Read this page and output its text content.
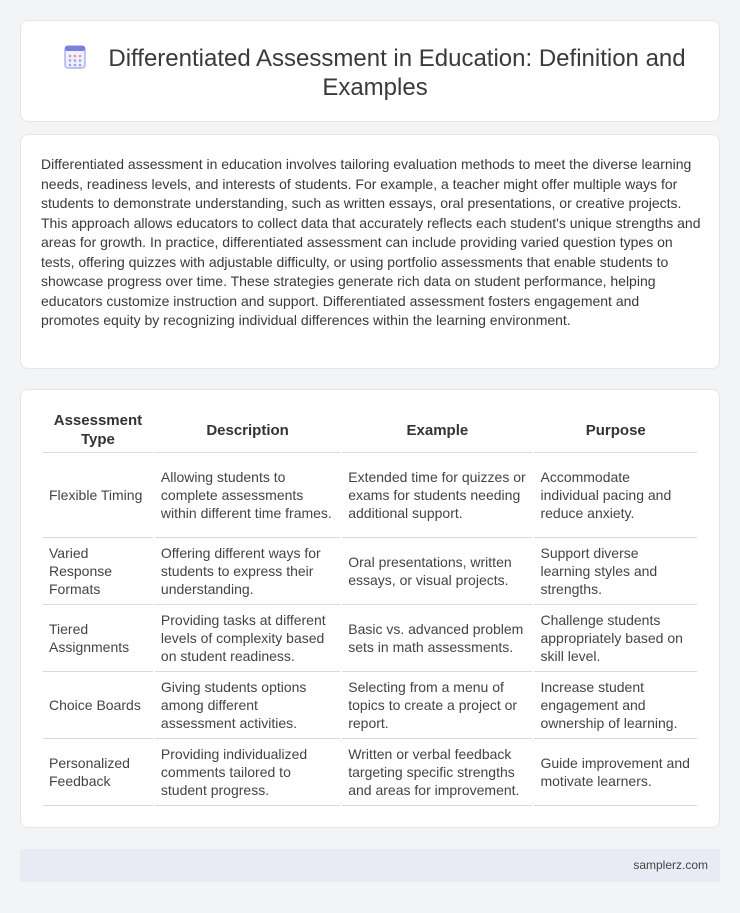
Differentiated Assessment in Education: Definition and Examples

Differentiated assessment in education involves tailoring evaluation methods to meet the diverse learning needs, readiness levels, and interests of students. For example, a teacher might offer multiple ways for students to demonstrate understanding, such as written essays, oral presentations, or creative projects. This approach allows educators to collect data that accurately reflects each student's unique strengths and areas for growth. In practice, differentiated assessment can include providing varied question types on tests, offering quizzes with adjustable difficulty, or using portfolio assessments that enable students to showcase progress over time. These strategies generate rich data on student performance, helping educators customize instruction and support. Differentiated assessment fosters engagement and promotes equity by recognizing individual differences within the learning environment.

Assessment Type	Description	Example	Purpose
Flexible Timing	Allowing students to complete assessments within different time frames.	Extended time for quizzes or exams for students needing additional support.	Accommodate individual pacing and reduce anxiety.
Varied Response Formats	Offering different ways for students to express their understanding.	Oral presentations, written essays, or visual projects.	Support diverse learning styles and strengths.
Tiered Assignments	Providing tasks at different levels of complexity based on student readiness.	Basic vs. advanced problem sets in math assessments.	Challenge students appropriately based on skill level.
Choice Boards	Giving students options among different assessment activities.	Selecting from a menu of topics to create a project or report.	Increase student engagement and ownership of learning.
Personalized Feedback	Providing individualized comments tailored to student progress.	Written or verbal feedback targeting specific strengths and areas for improvement.	Guide improvement and motivate learners.
samplerz.com
